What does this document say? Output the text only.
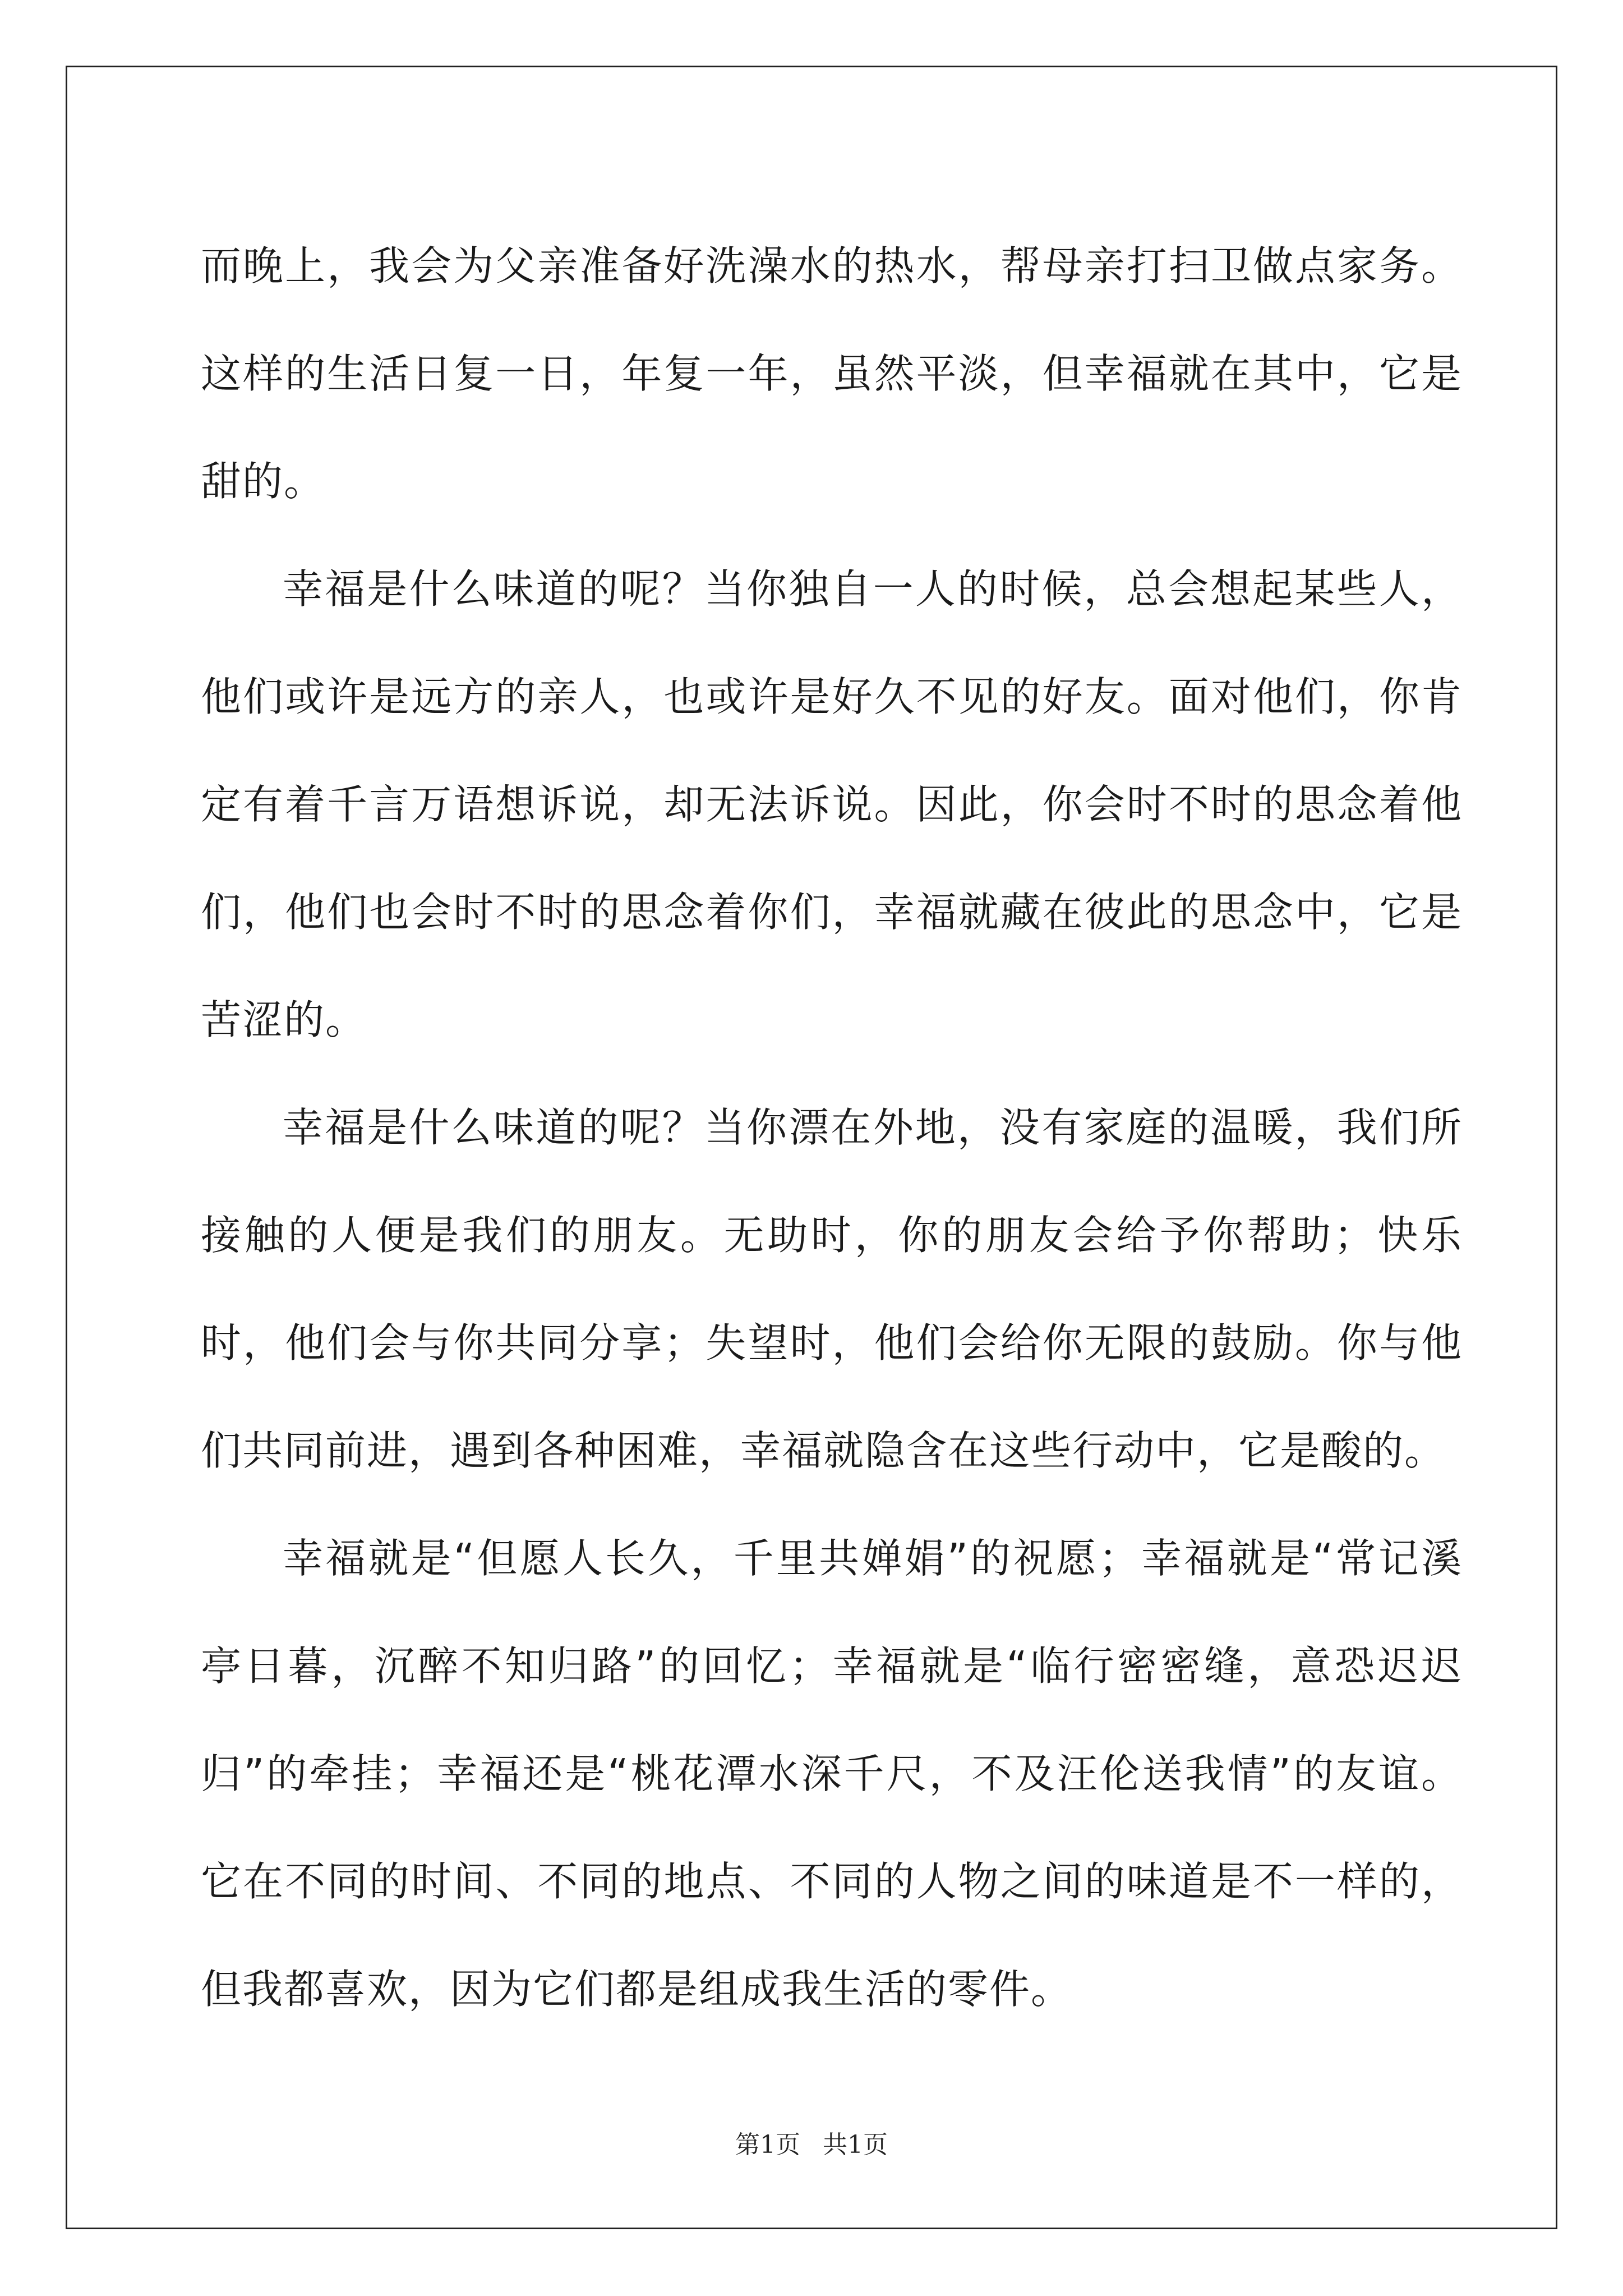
而晚上，我会为父亲准备好洗澡水的热水，帮母亲打扫卫做点家务。这样的生活日复一日，年复一年，虽然平淡，但幸福就在其中，它是甜的。

幸福是什么味道的呢？当你独自一人的时候，总会想起某些人，他们或许是远方的亲人，也或许是好久不见的好友。面对他们，你肯定有着千言万语想诉说，却无法诉说。因此，你会时不时的思念着他们，他们也会时不时的思念着你们，幸福就藏在彼此的思念中，它是苦涩的。

幸福是什么味道的呢？当你漂在外地，没有家庭的温暖，我们所接触的人便是我们的朋友。无助时，你的朋友会给予你帮助；快乐时，他们会与你共同分享；失望时，他们会给你无限的鼓励。你与他们共同前进，遇到各种困难，幸福就隐含在这些行动中，它是酸的。

幸福就是“但愿人长久，千里共婵娟”的祝愿；幸福就是“常记溪亭日暮，沉醉不知归路”的回忆；幸福就是“临行密密缝，意恐迟迟归”的牵挂；幸福还是“桃花潭水深千尺，不及汪伦送我情”的友谊。它在不同的时间、不同的地点、不同的人物之间的味道是不一样的，但我都喜欢，因为它们都是组成我生活的零件。

第1页 共1页
